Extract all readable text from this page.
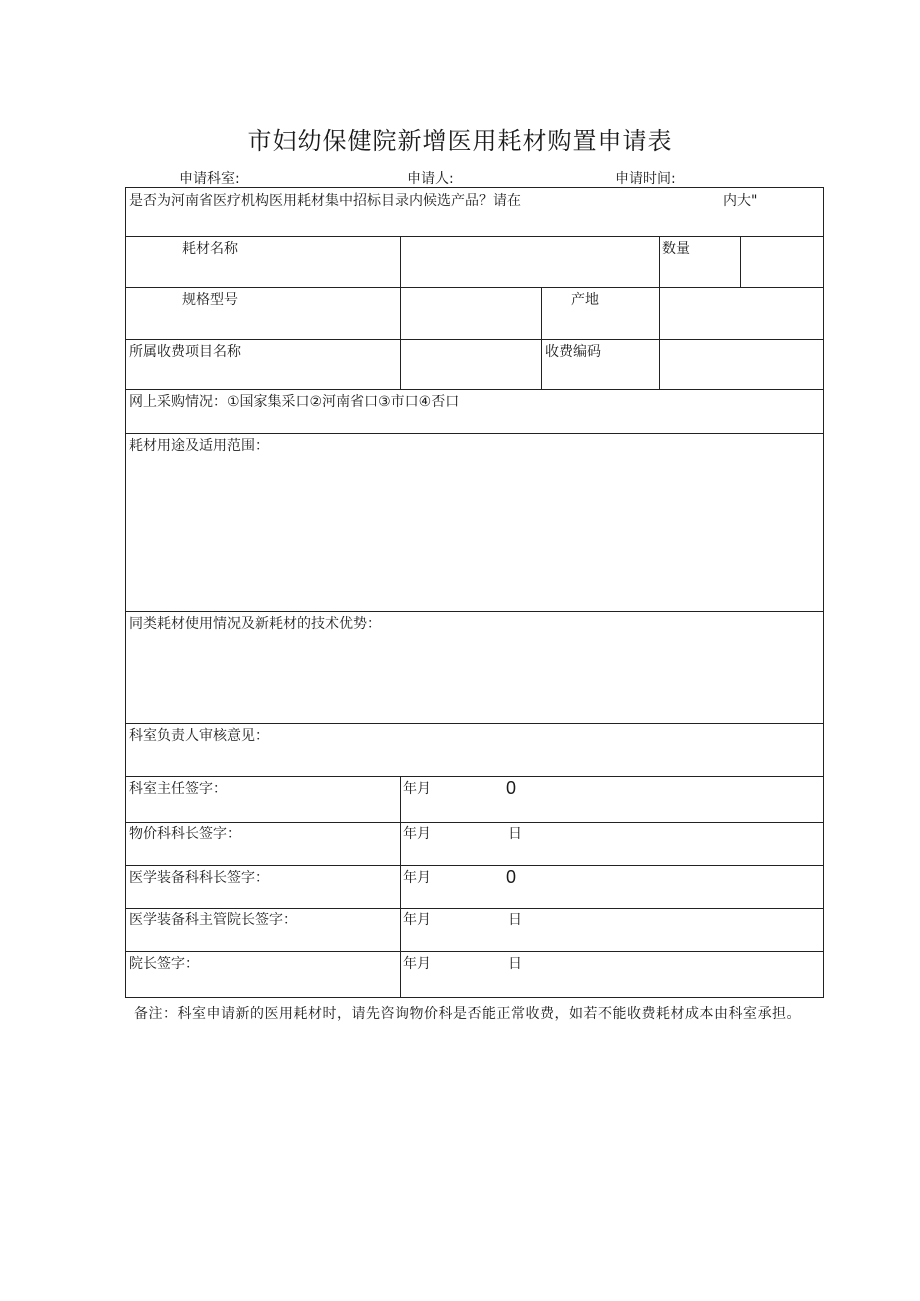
市妇幼保健院新增医用耗材购置申请表
申请科室:	申请人:	申请时间:
是否为河南省医疗机构医用耗材集中招标目录内候选产品？请在	内大"
耗材名称	数量
规格型号	产地
所属收费项目名称	收费编码
网上采购情况：①国家集采口②河南省口③市口④否口
耗材用途及适用范围：
同类耗材使用情况及新耗材的技术优势：
科室负责人审核意见：
科室主任签字：	年月	0
物价科科长签字：	年月	日
医学装备科科长签字：	年月	0
医学装备科主管院长签字：	年月	日
院长签字：	年月	日
备注：科室申请新的医用耗材时，请先咨询物价科是否能正常收费，如若不能收费耗材成本由科室承担。
